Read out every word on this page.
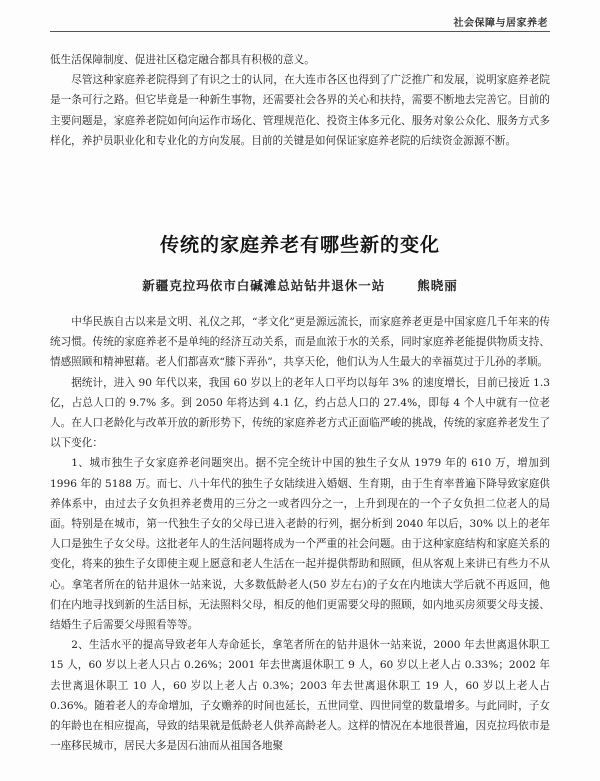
社会保障与居家养老

低生活保障制度、促进社区稳定融合都具有积极的意义。

尽管这种家庭养老院得到了有识之士的认同，在大连市各区也得到了广泛推广和发展，说明家庭养老院是一条可行之路。但它毕竟是一种新生事物，还需要社会各界的关心和扶持，需要不断地去完善它。目前的主要问题是，家庭养老院如何向运作市场化、管理规范化、投资主体多元化、服务对象公众化、服务方式多样化，养护员职业化和专业化的方向发展。目前的关键是如何保证家庭养老院的后续资金源源不断。

传统的家庭养老有哪些新的变化
新疆克拉玛依市白碱滩总站钻井退休一站	熊晓丽

中华民族自古以来是文明、礼仪之邦，“孝文化”更是源远流长，而家庭养老更是中国家庭几千年来的传统习惯。传统的家庭养老不是单纯的经济互动关系，而是血浓于水的关系，同时家庭养老能提供物质支持、情感照顾和精神慰藉。老人们都喜欢“膝下弄孙”，共享天伦，他们认为人生最大的幸福莫过于儿孙的孝顺。

据统计，进入 90 年代以来，我国 60 岁以上的老年人口平均以每年 3% 的速度增长，目前已接近 1.3 亿，占总人口的 9.7% 多。到 2050 年将达到 4.1 亿，约占总人口的 27.4%，即每 4 个人中就有一位老人。在人口老龄化与改革开放的新形势下，传统的家庭养老方式正面临严峻的挑战，传统的家庭养老发生了以下变化：

1、城市独生子女家庭养老问题突出。据不完全统计中国的独生子女从 1979 年的 610 万，增加到 1996 年的 5188 万。而七、八十年代的独生子女陆续进入婚姻、生育期，由于生育率普遍下降导致家庭供养体系中，由过去子女负担养老费用的三分之一或者四分之一，上升到现在的一个子女负担二位老人的局面。特别是在城市，第一代独生子女的父母已进入老龄的行列，据分析到 2040 年以后，30% 以上的老年人口是独生子女父母。这批老年人的生活问题将成为一个严重的社会问题。由于这种家庭结构和家庭关系的变化，将来的独生子女即使主观上愿意和老人生活在一起并提供帮助和照顾，但从客观上来讲已有些力不从心。拿笔者所在的钻井退休一站来说，大多数低龄老人(50 岁左右)的子女在内地读大学后就不再返回，他们在内地寻找到新的生活目标，无法照料父母，相反的他们更需要父母的照顾，如内地买房须要父母支援、结婚生子后需要父母照看等等。

2、生活水平的提高导致老年人寿命延长，拿笔者所在的钻井退休一站来说，2000 年去世离退休职工 15 人，60 岁以上老人只占 0.26%；2001 年去世离退休职工 9 人，60 岁以上老人占 0.33%；2002 年去世离退休职工 10 人，60 岁以上老人占 0.3%；2003 年去世离退休职工 19 人，60 岁以上老人占 0.36%。随着老人的寿命增加，子女赡养的时间也延长，五世同堂、四世同堂的数量增多。与此同时，子女的年龄也在相应提高，导致的结果就是低龄老人供养高龄老人。这样的情况在本地很普遍，因克拉玛依市是一座移民城市，居民大多是因石油而从祖国各地聚
